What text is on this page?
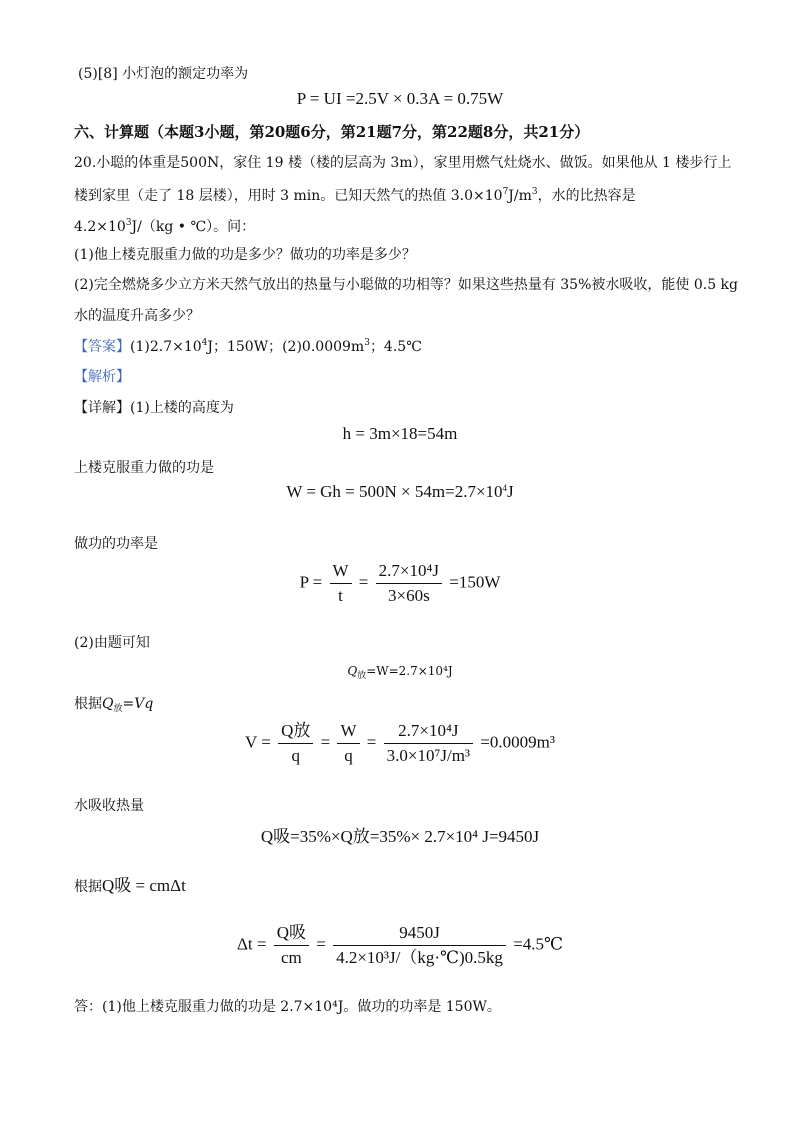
(5)[8] 小灯泡的额定功率为
P = UI =2.5V × 0.3A = 0.75W
六、计算题（本题3小题，第20题6分，第21题7分，第22题8分，共21分）
20.小聪的体重是500N，家住 19 楼（楼的层高为 3m），家里用燃气灶烧水、做饭。如果他从 1 楼步行上
楼到家里（走了 18 层楼），用时 3 min。已知天然气的热值 $3.0\times 10^7J/m^3$，水的比热容是
$4.2\times 10^3J/(kg$ • ℃）。问：
(1)他上楼克服重力做的功是多少？做功的功率是多少？
(2)完全燃烧多少立方米天然气放出的热量与小聪做的功相等？如果这些热量有 35%被水吸收，能使 0.5 kg
水的温度升高多少？
【答案】$(1)2.7\times 10^4J$；150W；$(2)0.0009m^3$；4.5℃
【解析】
【详解】(1)上楼的高度为
h = 3m×18=54m
上楼克服重力做的功是
$W = Gh = 500N \times 54m=2.7\times 10^4J$
做功的功率是
$P = \frac{W}{t} = \frac{\text{2.7×10⁴J}}{3\times 60s} =150W$
(2)由题可知
$Q_放=W=2.7\times 10^4J$
根据$Q_放=Vq$
$V = \frac{\text{Q放}}{q} = \frac{W}{q} = \frac{\text{2.7×10⁴J}}{\text{3.0×10⁷J/m³}} =0.0009m^3$
水吸收热量
Q吸=35%×Q放=35%× 2.7×10⁴ J=9450J
根据Q吸 = cmΔt
$\Delta t = \frac{\text{Q吸}}{cm} = \frac{9450J}{\text{4.2×10³J/（kg·℃)0.5kg}}$ =4.5℃
答：(1)他上楼克服重力做的功是 2.7×10⁴J。做功的功率是 150W。
